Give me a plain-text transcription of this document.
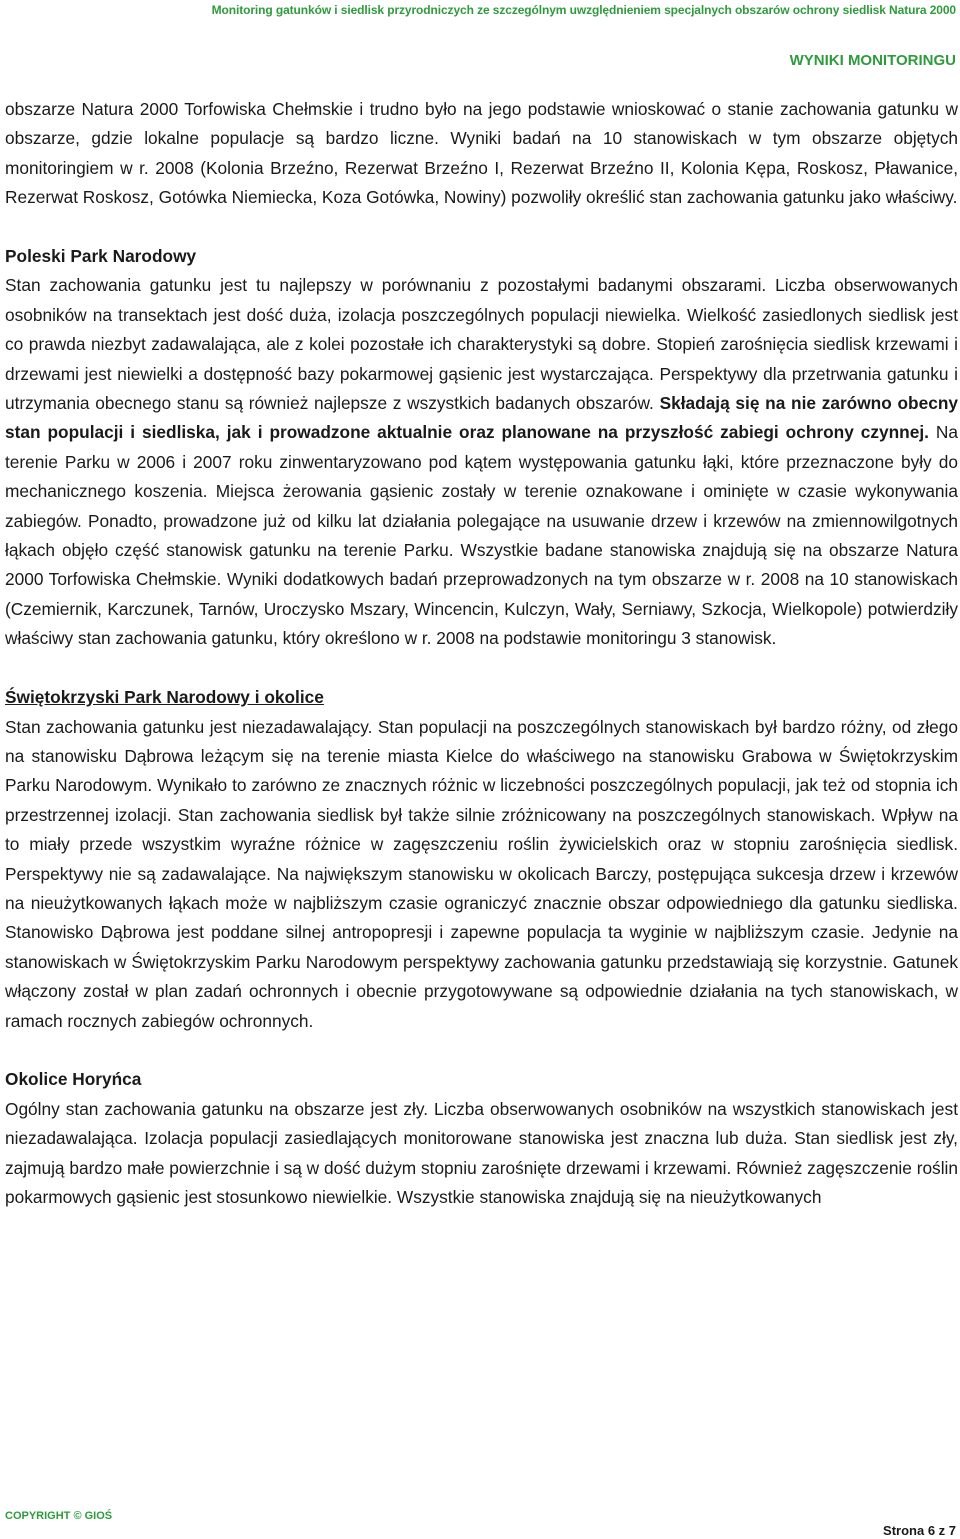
Monitoring gatunków i siedlisk przyrodniczych ze szczególnym uwzględnieniem specjalnych obszarów ochrony siedlisk Natura 2000
WYNIKI MONITORINGU

obszarze Natura 2000 Torfowiska Chełmskie i trudno było na jego podstawie wnioskować o stanie zachowania gatunku w obszarze, gdzie lokalne populacje są bardzo liczne. Wyniki badań na 10 stanowiskach w tym obszarze objętych monitoringiem w r. 2008 (Kolonia Brzeźno, Rezerwat Brzeźno I, Rezerwat Brzeźno II, Kolonia Kępa, Roskosz, Pławanice, Rezerwat Roskosz, Gotówka Niemiecka, Koza Gotówka, Nowiny) pozwoliły określić stan zachowania gatunku jako właściwy.

Poleski Park Narodowy

Stan zachowania gatunku jest tu najlepszy w porównaniu z pozostałymi badanymi obszarami. Liczba obserwowanych osobników na transektach jest dość duża, izolacja poszczególnych populacji niewielka. Wielkość zasiedlonych siedlisk jest co prawda niezbyt zadawalająca, ale z kolei pozostałe ich charakterystyki są dobre. Stopień zarośnięcia siedlisk krzewami i drzewami jest niewielki a dostępność bazy pokarmowej gąsienic jest wystarczająca. Perspektywy dla przetrwania gatunku i utrzymania obecnego stanu są również najlepsze z wszystkich badanych obszarów. Składają się na nie zarówno obecny stan populacji i siedliska, jak i prowadzone aktualnie oraz planowane na przyszłość zabiegi ochrony czynnej. Na terenie Parku w 2006 i 2007 roku zinwentaryzowano pod kątem występowania gatunku łąki, które przeznaczone były do mechanicznego koszenia. Miejsca żerowania gąsienic zostały w terenie oznakowane i ominięte w czasie wykonywania zabiegów. Ponadto, prowadzone już od kilku lat działania polegające na usuwanie drzew i krzewów na zmiennowilgotnych łąkach objęło część stanowisk gatunku na terenie Parku. Wszystkie badane stanowiska znajdują się na obszarze Natura 2000 Torfowiska Chełmskie. Wyniki dodatkowych badań przeprowadzonych na tym obszarze w r. 2008 na 10 stanowiskach (Czemiernik, Karczunek, Tarnów, Uroczysko Mszary, Wincencin, Kulczyn, Wały, Serniawy, Szkocja, Wielkopole) potwierdziły właściwy stan zachowania gatunku, który określono w r. 2008 na podstawie monitoringu 3 stanowisk.

Świętokrzyski Park Narodowy i okolice

Stan zachowania gatunku jest niezadawalający. Stan populacji na poszczególnych stanowiskach był bardzo różny, od złego na stanowisku Dąbrowa leżącym się na terenie miasta Kielce do właściwego na stanowisku Grabowa w Świętokrzyskim Parku Narodowym. Wynikało to zarówno ze znacznych różnic w liczebności poszczególnych populacji, jak też od stopnia ich przestrzennej izolacji. Stan zachowania siedlisk był także silnie zróżnicowany na poszczególnych stanowiskach. Wpływ na to miały przede wszystkim wyraźne różnice w zagęszczeniu roślin żywicielskich oraz w stopniu zarośnięcia siedlisk. Perspektywy nie są zadawalające. Na największym stanowisku w okolicach Barczy, postępująca sukcesja drzew i krzewów na nieużytkowanych łąkach może w najbliższym czasie ograniczyć znacznie obszar odpowiedniego dla gatunku siedliska. Stanowisko Dąbrowa jest poddane silnej antropopresji i zapewne populacja ta wyginie w najbliższym czasie. Jedynie na stanowiskach w Świętokrzyskim Parku Narodowym perspektywy zachowania gatunku przedstawiają się korzystnie. Gatunek włączony został w plan zadań ochronnych i obecnie przygotowywane są odpowiednie działania na tych stanowiskach, w ramach rocznych zabiegów ochronnych.

Okolice Horyńca

Ogólny stan zachowania gatunku na obszarze jest zły. Liczba obserwowanych osobników na wszystkich stanowiskach jest niezadawalająca. Izolacja populacji zasiedlających monitorowane stanowiska jest znaczna lub duża. Stan siedlisk jest zły, zajmują bardzo małe powierzchnie i są w dość dużym stopniu zarośnięte drzewami i krzewami. Również zagęszczenie roślin pokarmowych gąsienic jest stosunkowo niewielkie. Wszystkie stanowiska znajdują się na nieużytkowanych

COPYRIGHT © GIOŚ
Strona 6 z 7
